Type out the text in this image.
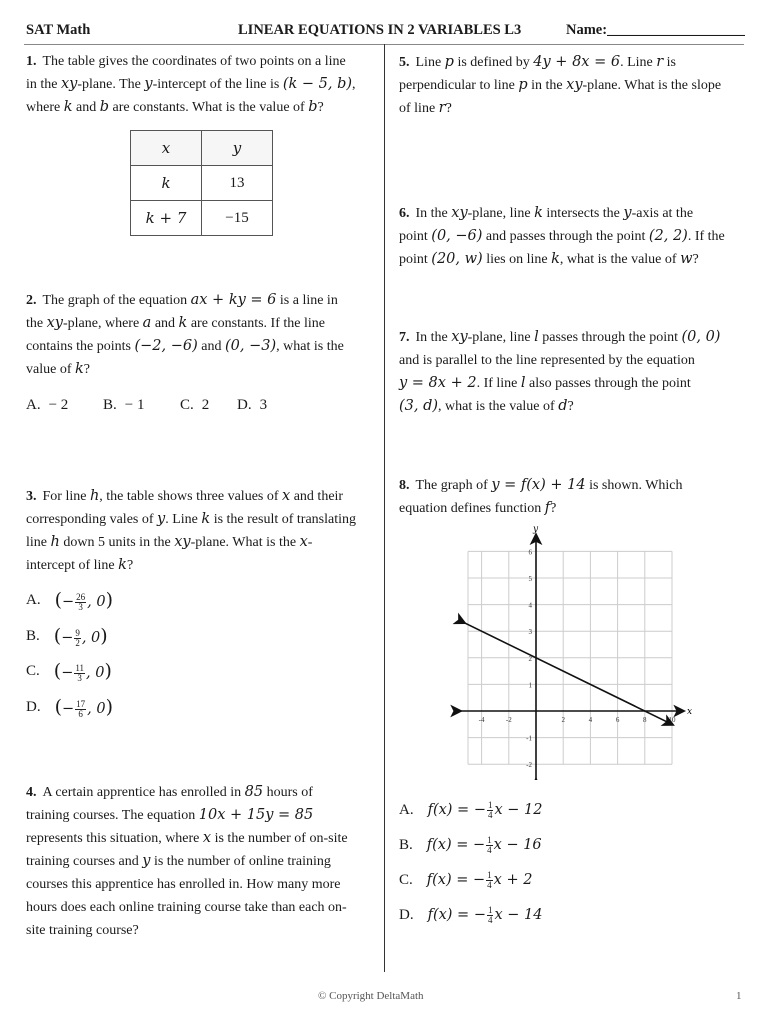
SAT Math	LINEAR EQUATIONS IN 2 VARIABLES L3	Name:___________________
1. The table gives the coordinates of two points on a line
in the xy-plane. The y-intercept of the line is (k − 5, b),
where k and b are constants. What is the value of b?
x	y
k	13
k + 7	−15
2. The graph of the equation ax + ky = 6 is a line in
the xy-plane, where a and k are constants. If the line
contains the points (−2, −6) and (0, −3), what is the
value of k?
A. − 2 B. − 1 C. 2 D. 3
3. For line h, the table shows three values of x and their
corresponding vales of y. Line k is the result of translating
line h down 5 units in the xy-plane. What is the x-
intercept of line k?
A. (− $\frac{26}{3}$ , 0)
B. (− $\frac{9}{2}$ , 0)
C. (− $\frac{11}{3}$ , 0)
D. (− $\frac{17}{6}$ , 0)
4. A certain apprentice has enrolled in 85 hours of
training courses. The equation 10x + 15y = 85
represents this situation, where x is the number of on-site
training courses and y is the number of online training
courses this apprentice has enrolled in. How many more
hours does each online training course take than each on-
site training course?
5. Line p is defined by 4y + 8x = 6. Line r is
perpendicular to line p in the xy-plane. What is the slope
of line r?
6. In the xy-plane, line k intersects the y-axis at the
point (0, −6) and passes through the point (2, 2). If the
point (20, w) lies on line k, what is the value of w?
7. In the xy-plane, line l passes through the point (0, 0)
and is parallel to the line represented by the equation
y = 8x + 2. If line l also passes through the point
(3, d), what is the value of d?
8. The graph of y = f(x) + 14 is shown. Which
equation defines function f?
x
y
-4	-2	2	4	6	8	10
-2
-1
1
2
3
4
5
6
A. f(x) = − $\frac{1}{4}$ x − 12
B. f(x) = − $\frac{1}{4}$ x − 16
C. f(x) = − $\frac{1}{4}$ x + 2
D. f(x) = − $\frac{1}{4}$ x − 14
© Copyright DeltaMath	1
